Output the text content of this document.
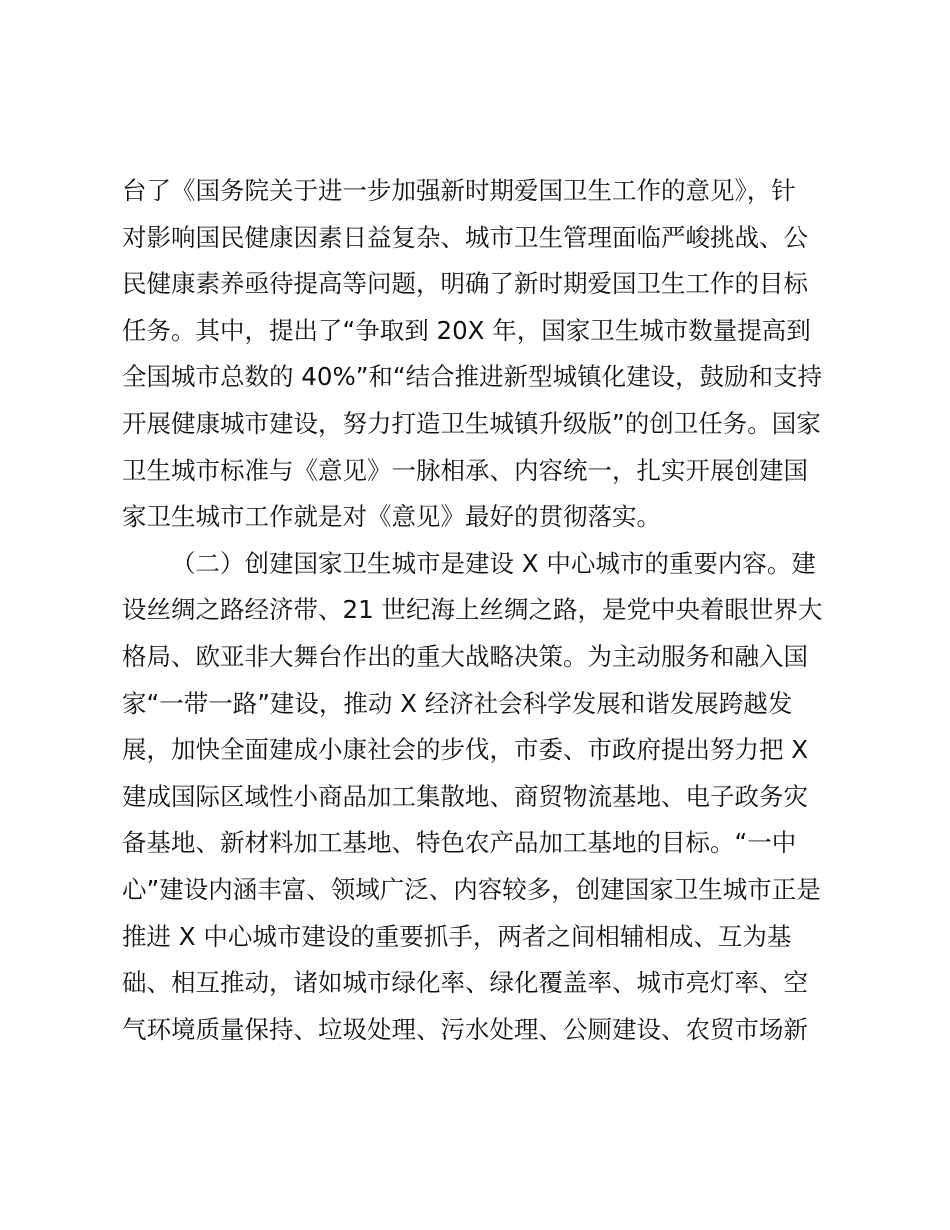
台了《国务院关于进一步加强新时期爱国卫生工作的意见》，针
对影响国民健康因素日益复杂、城市卫生管理面临严峻挑战、公
民健康素养亟待提高等问题，明确了新时期爱国卫生工作的目标
任务。其中，提出了“争取到 20X 年，国家卫生城市数量提高到
全国城市总数的 40%”和“结合推进新型城镇化建设，鼓励和支持
开展健康城市建设，努力打造卫生城镇升级版”的创卫任务。国家
卫生城市标准与《意见》一脉相承、内容统一，扎实开展创建国
家卫生城市工作就是对《意见》最好的贯彻落实。
（二）创建国家卫生城市是建设 X 中心城市的重要内容。建
设丝绸之路经济带、21 世纪海上丝绸之路，是党中央着眼世界大
格局、欧亚非大舞台作出的重大战略决策。为主动服务和融入国
家“一带一路”建设，推动 X 经济社会科学发展和谐发展跨越发
展，加快全面建成小康社会的步伐，市委、市政府提出努力把 X
建成国际区域性小商品加工集散地、商贸物流基地、电子政务灾
备基地、新材料加工基地、特色农产品加工基地的目标。“一中
心”建设内涵丰富、领域广泛、内容较多，创建国家卫生城市正是
推进 X 中心城市建设的重要抓手，两者之间相辅相成、互为基
础、相互推动，诸如城市绿化率、绿化覆盖率、城市亮灯率、空
气环境质量保持、垃圾处理、污水处理、公厕建设、农贸市场新
